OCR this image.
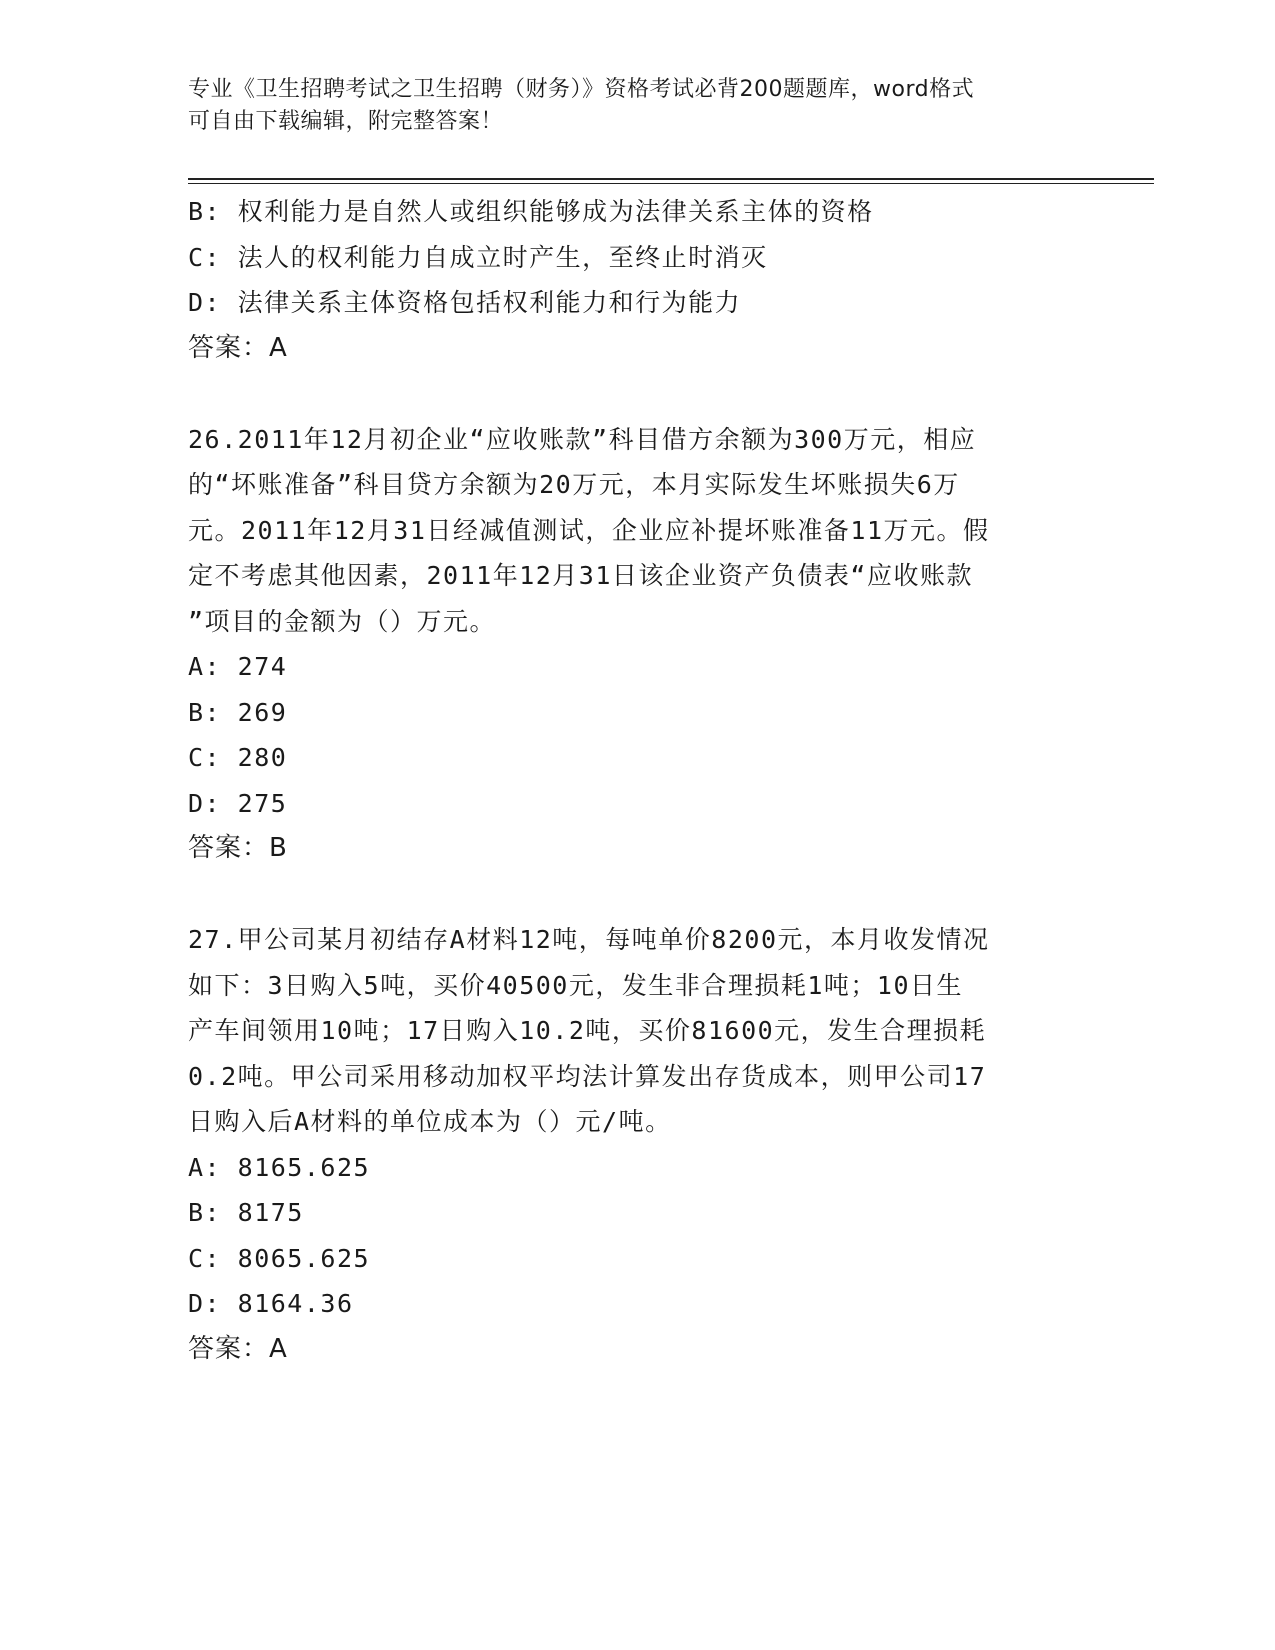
专业《卫生招聘考试之卫生招聘（财务）》资格考试必背200题题库，word格式
可自由下载编辑，附完整答案！
B: 权利能力是自然人或组织能够成为法律关系主体的资格
C: 法人的权利能力自成立时产生，至终止时消灭
D: 法律关系主体资格包括权利能力和行为能力
答案：A
26.2011年12月初企业“应收账款”科目借方余额为300万元，相应
的“坏账准备”科目贷方余额为20万元，本月实际发生坏账损失6万
元。2011年12月31日经减值测试，企业应补提坏账准备11万元。假
定不考虑其他因素，2011年12月31日该企业资产负债表“应收账款
”项目的金额为（）万元。
A: 274
B: 269
C: 280
D: 275
答案：B
27.甲公司某月初结存A材料12吨，每吨单价8200元，本月收发情况
如下：3日购入5吨，买价40500元，发生非合理损耗1吨；10日生
产车间领用10吨；17日购入10.2吨，买价81600元，发生合理损耗
0.2吨。甲公司采用移动加权平均法计算发出存货成本，则甲公司17
日购入后A材料的单位成本为（）元/吨。
A: 8165.625
B: 8175
C: 8065.625
D: 8164.36
答案：A
